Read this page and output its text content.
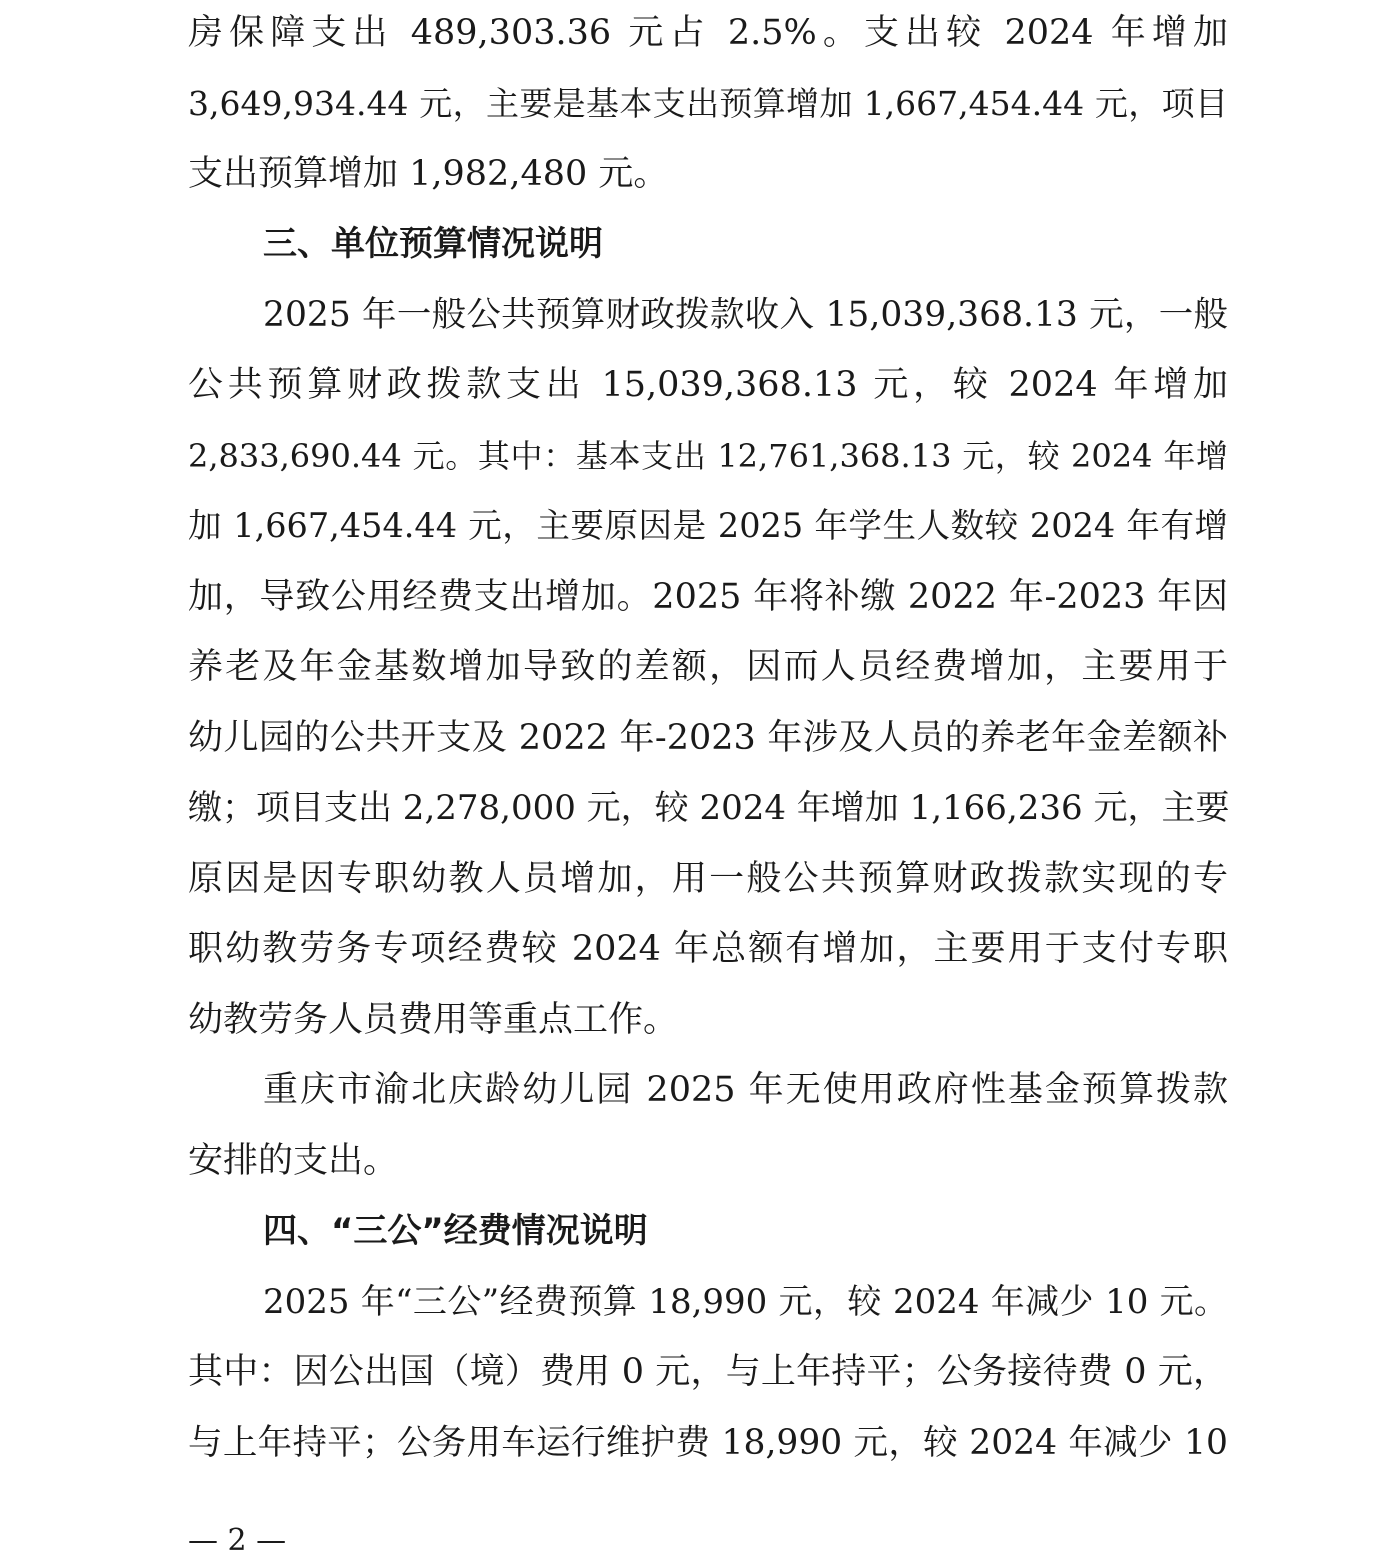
房保障支出 489,303.36 元占 2.5%。支出较 2024 年增加
3,649,934.44 元，主要是基本支出预算增加 1,667,454.44 元，项目
支出预算增加 1,982,480 元。
三、单位预算情况说明
2025 年一般公共预算财政拨款收入 15,039,368.13 元，一般
公共预算财政拨款支出 15,039,368.13 元，较 2024 年增加
2,833,690.44 元。其中：基本支出 12,761,368.13 元，较 2024 年增
加 1,667,454.44 元，主要原因是 2025 年学生人数较 2024 年有增
加，导致公用经费支出增加。2025 年将补缴 2022 年-2023 年因
养老及年金基数增加导致的差额，因而人员经费增加，主要用于
幼儿园的公共开支及 2022 年-2023 年涉及人员的养老年金差额补
缴；项目支出 2,278,000 元，较 2024 年增加 1,166,236 元，主要
原因是因专职幼教人员增加，用一般公共预算财政拨款实现的专
职幼教劳务专项经费较 2024 年总额有增加，主要用于支付专职
幼教劳务人员费用等重点工作。
重庆市渝北庆龄幼儿园 2025 年无使用政府性基金预算拨款
安排的支出。
四、“三公”经费情况说明
2025 年“三公”经费预算 18,990 元，较 2024 年减少 10 元。
其中：因公出国（境）费用 0 元，与上年持平；公务接待费 0 元，
与上年持平；公务用车运行维护费 18,990 元，较 2024 年减少 10
— 2 —
